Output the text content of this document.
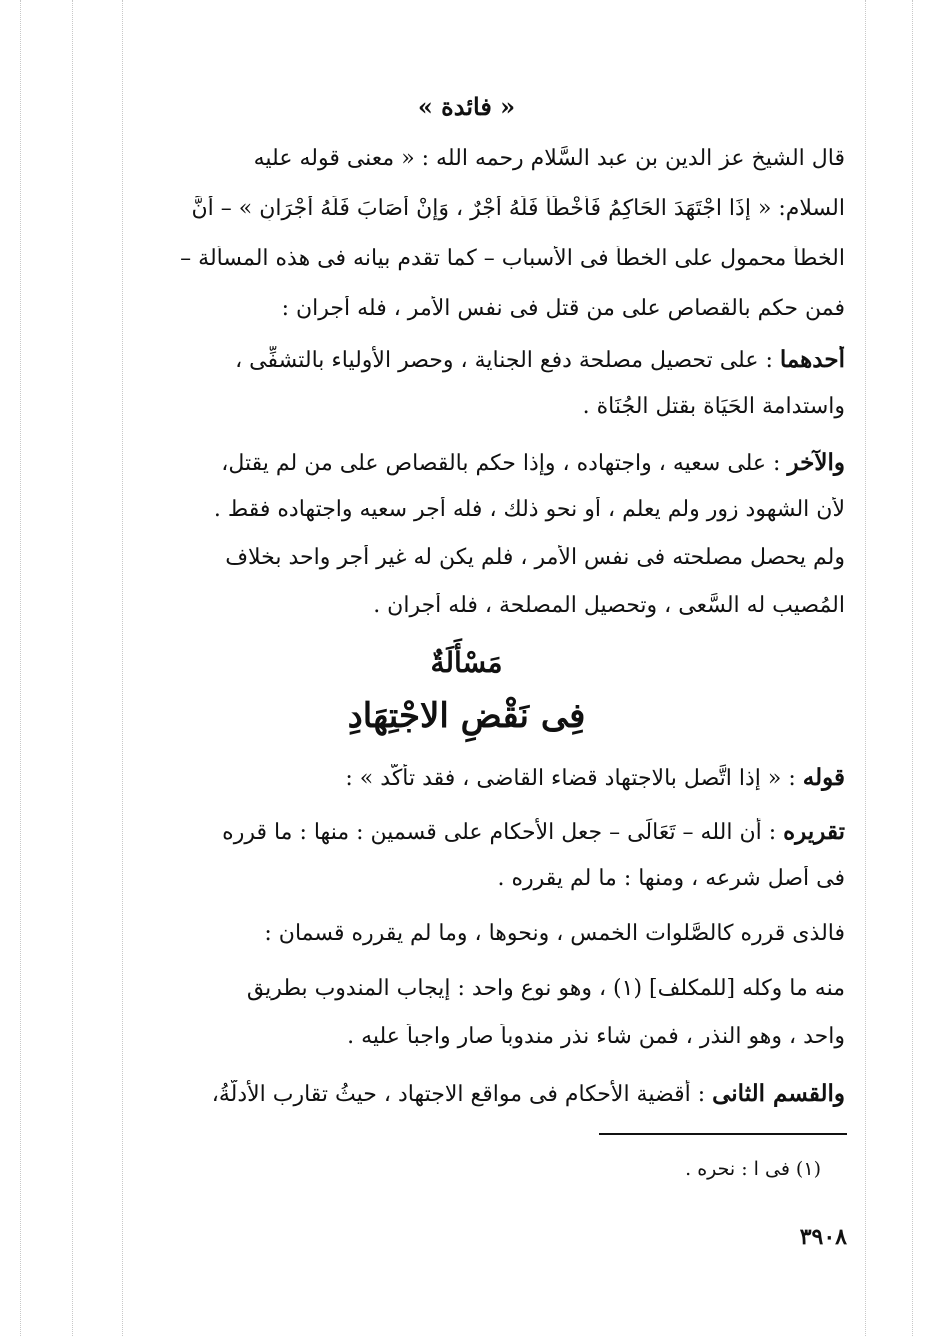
« فائدة »
قال الشيخ عز الدين بن عبد السَّلام رحمه الله : « معنى قوله عليه
السلام: « إِذَا اجْتَهَدَ الحَاكِمُ فَأَخْطَأَ فَلَهُ أَجْرٌ ، وَإِنْ أَصَابَ فَلَهُ أَجْرَانِ » – أنَّ
الخطأ محمول على الخطأ فى الأسباب – كما تقدم بيانه فى هذه المسألة –
فمن حكم بالقصاص على من قتل فى نفس الأمر ، فله أجران :
أحدهما : على تحصيل مصلحة دفع الجناية ، وحصر الأولياء بالتشفِّى ،
واستدامة الحَيَاة بقتل الجُنَاة .
والآخر : على سعيه ، واجتهاده ، وإذا حكم بالقصاص على من لم يقتل،
لأن الشهود زور ولم يعلم ، أو نحو ذلك ، فله أجر سعيه واجتهاده فقط .
ولم يحصل مصلحته فى نفس الأمر ، فلم يكن له غير أجر واحد بخلاف
المُصيب له السَّعى ، وتحصيل المصلحة ، فله أجران .
مَسْأَلَةٌ
فِى نَقْضِ الاجْتِهَادِ
قوله : « إذا اتَّصل بالاجتهاد قضاء القاضى ، فقد تأكَّد » :
تقريره : أن الله – تَعَالَى – جعل الأحكام على قسمين : منها : ما قرره
فى أصل شرعه ، ومنها : ما لم يقرره .
فالذى قرره كالصَّلوات الخمس ، ونحوها ، وما لم يقرره قسمان :
منه ما وكله [للمكلف] (١) ، وهو نوع واحد : إيجاب المندوب بطريق
واحد ، وهو النذر ، فمن شاء نذر مندوباً صار واجباً عليه .
والقسم الثانى : أقضية الأحكام فى مواقع الاجتهاد ، حيثُ تقارب الأدلَّةُ،
(١) فى ا : نحره .
٣٩٠٨
